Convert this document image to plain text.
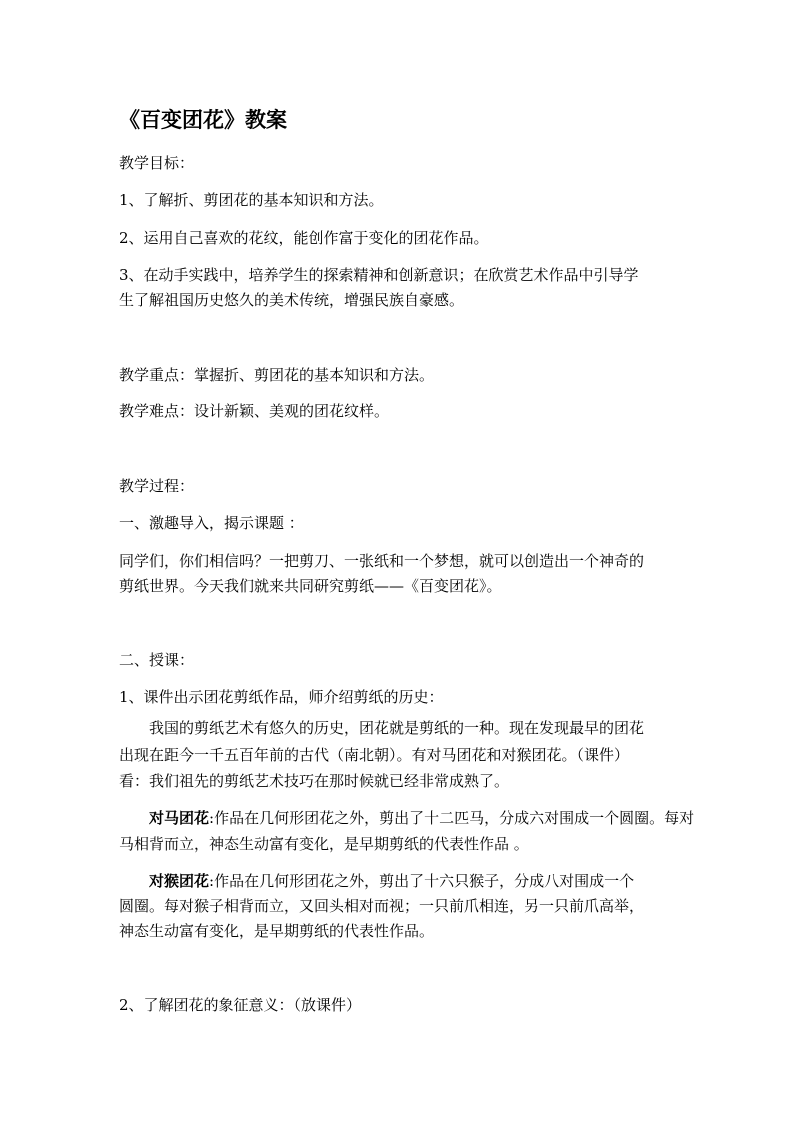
《百变团花》教案

教学目标：

1、了解折、剪团花的基本知识和方法。

2、运用自己喜欢的花纹，能创作富于变化的团花作品。

3、在动手实践中，培养学生的探索精神和创新意识；在欣赏艺术作品中引导学

生了解祖国历史悠久的美术传统，增强民族自豪感。

教学重点：掌握折、剪团花的基本知识和方法。

教学难点：设计新颖、美观的团花纹样。

教学过程：

一、激趣导入，揭示课题 ：

同学们，你们相信吗？一把剪刀、一张纸和一个梦想，就可以创造出一个神奇的

剪纸世界。今天我们就来共同研究剪纸——《百变团花》。

二、授课：

1、课件出示团花剪纸作品，师介绍剪纸的历史：

我国的剪纸艺术有悠久的历史，团花就是剪纸的一种。现在发现最早的团花

出现在距今一千五百年前的古代（南北朝）。有对马团花和对猴团花。（课件）

看：我们祖先的剪纸艺术技巧在那时候就已经非常成熟了。

对马团花:作品在几何形团花之外，剪出了十二匹马，分成六对围成一个圆圈。每对

马相背而立，神态生动富有变化，是早期剪纸的代表性作品 。

对猴团花:作品在几何形团花之外，剪出了十六只猴子，分成八对围成一个

圆圈。每对猴子相背而立，又回头相对而视；一只前爪相连，另一只前爪高举，

神态生动富有变化，是早期剪纸的代表性作品。

2、了解团花的象征意义：（放课件）
